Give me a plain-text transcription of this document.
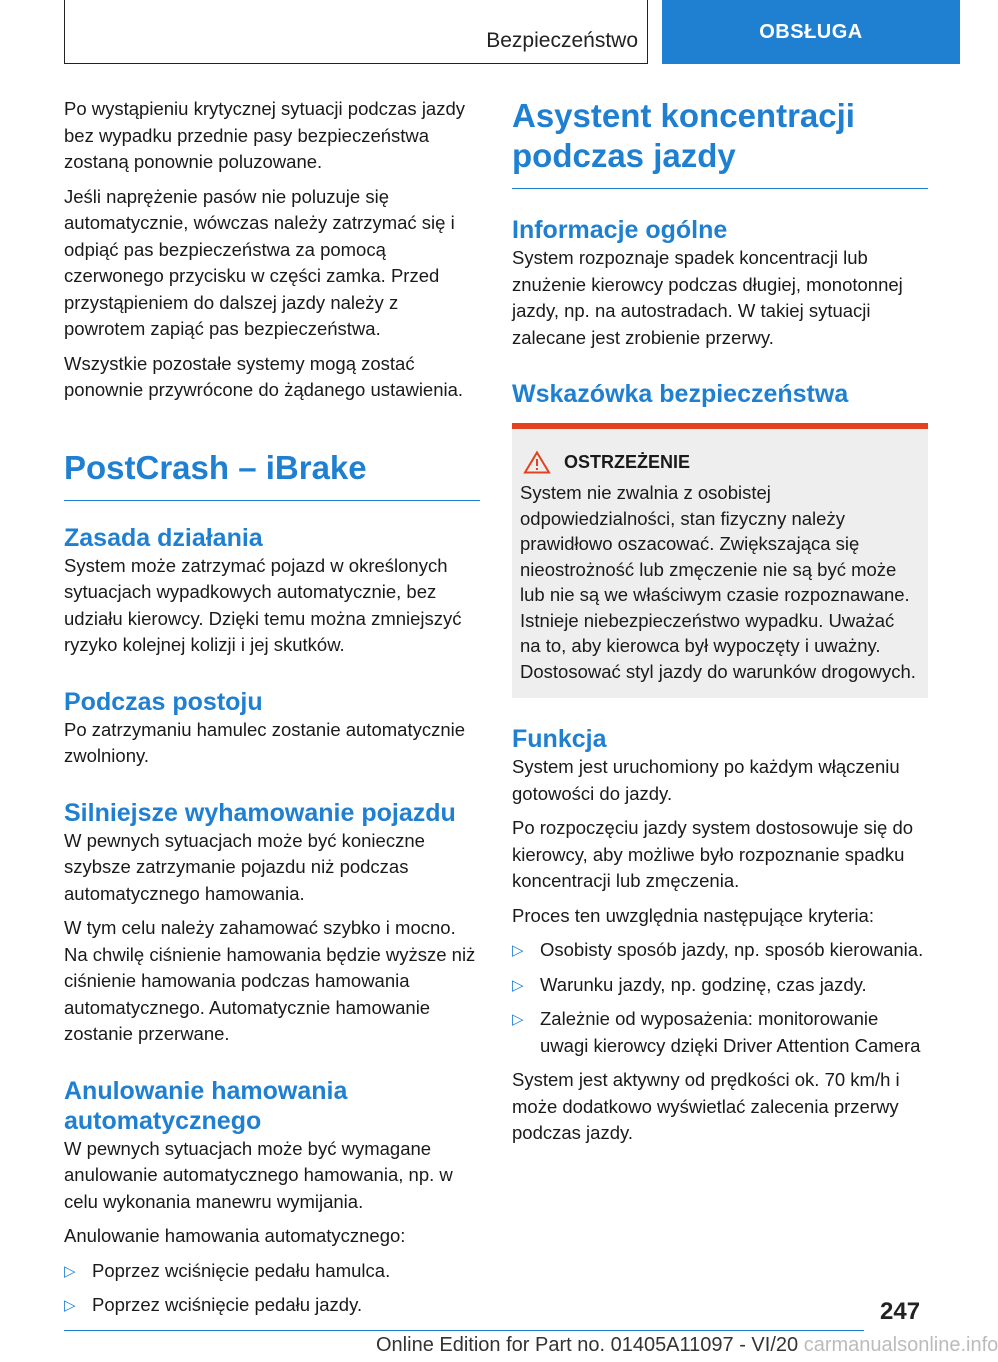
Bezpieczeństwo	OBSŁUGA

Po wystąpieniu krytycznej sytuacji podczas jazdy bez wypadku przednie pasy bezpieczeństwa zostaną ponownie poluzowane.

Jeśli naprężenie pasów nie poluzuje się automatycznie, wówczas należy zatrzymać się i odpiąć pas bezpieczeństwa za pomocą czerwonego przycisku w części zamka. Przed przystąpieniem do dalszej jazdy należy z powrotem zapiąć pas bezpieczeństwa.

Wszystkie pozostałe systemy mogą zostać ponownie przywrócone do żądanego ustawienia.

PostCrash – iBrake
Zasada działania

System może zatrzymać pojazd w określonych sytuacjach wypadkowych automatycznie, bez udziału kierowcy. Dzięki temu można zmniejszyć ryzyko kolejnej kolizji i jej skutków.

Podczas postoju

Po zatrzymaniu hamulec zostanie automatycznie zwolniony.

Silniejsze wyhamowanie pojazdu

W pewnych sytuacjach może być konieczne szybsze zatrzymanie pojazdu niż podczas automatycznego hamowania.

W tym celu należy zahamować szybko i mocno. Na chwilę ciśnienie hamowania będzie wyższe niż ciśnienie hamowania podczas hamowania automatycznego. Automatycznie hamowanie zostanie przerwane.

Anulowanie hamowania automatycznego

W pewnych sytuacjach może być wymagane anulowanie automatycznego hamowania, np. w celu wykonania manewru wymijania.

Anulowanie hamowania automatycznego:

▷ Poprzez wciśnięcie pedału hamulca.
▷ Poprzez wciśnięcie pedału jazdy.
Asystent koncentracji podczas jazdy
Informacje ogólne

System rozpoznaje spadek koncentracji lub znużenie kierowcy podczas długiej, monotonnej jazdy, np. na autostradach. W takiej sytuacji zalecane jest zrobienie przerwy.

Wskazówka bezpieczeństwa
OSTRZEŻENIE

System nie zwalnia z osobistej odpowiedzialności, stan fizyczny należy prawidłowo oszacować. Zwiększająca się nieostrożność lub zmęczenie nie są być może lub nie są we właściwym czasie rozpoznawane. Istnieje niebezpieczeństwo wypadku. Uważać na to, aby kierowca był wypoczęty i uważny. Dostosować styl jazdy do warunków drogowych.

Funkcja

System jest uruchomiony po każdym włączeniu gotowości do jazdy.

Po rozpoczęciu jazdy system dostosowuje się do kierowcy, aby możliwe było rozpoznanie spadku koncentracji lub zmęczenia.

Proces ten uwzględnia następujące kryteria:

▷ Osobisty sposób jazdy, np. sposób kierowania.
▷ Warunku jazdy, np. godzinę, czas jazdy.
▷ Zależnie od wyposażenia: monitorowanie uwagi kierowcy dzięki Driver Attention Camera

System jest aktywny od prędkości ok. 70 km/h i może dodatkowo wyświetlać zalecenia przerwy podczas jazdy.

247
Online Edition for Part no. 01405A11097 - VI/20 carmanualsonline.info
